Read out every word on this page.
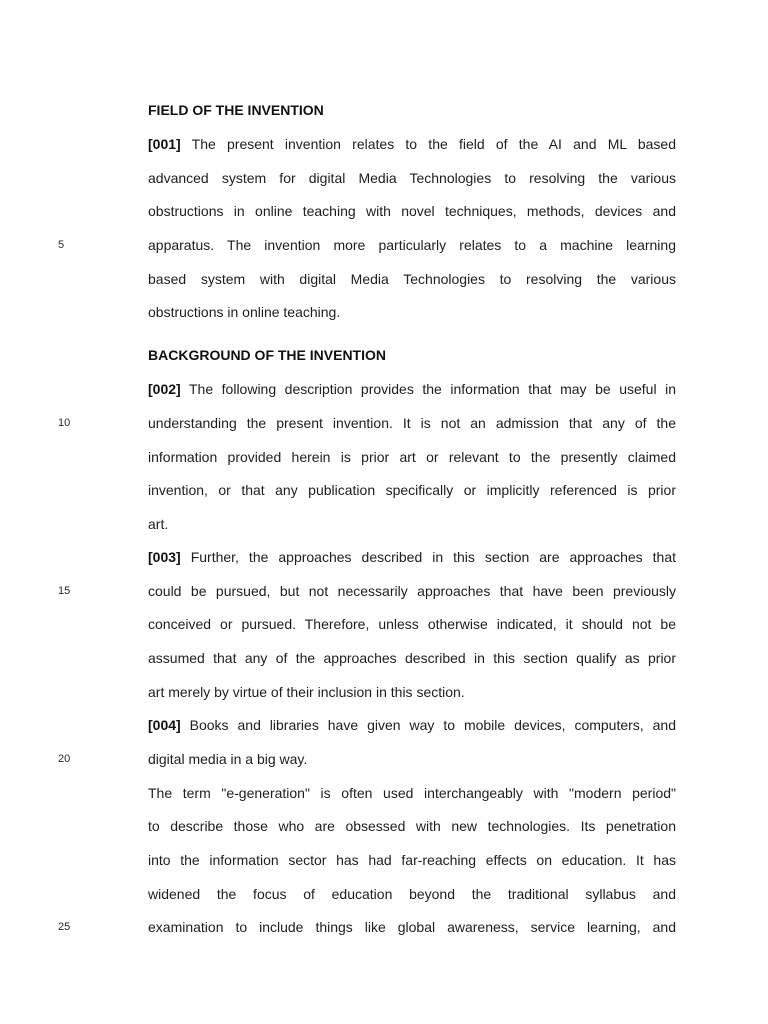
5
10
15
20
25
FIELD OF THE INVENTION
[001] The present invention relates to the field of the AI and ML based
advanced system for digital Media Technologies to resolving the various
obstructions in online teaching with novel techniques, methods, devices and
apparatus. The invention more particularly relates to a machine learning
based system with digital Media Technologies to resolving the various
obstructions in online teaching.
BACKGROUND OF THE INVENTION
[002] The following description provides the information that may be useful in
understanding the present invention. It is not an admission that any of the
information provided herein is prior art or relevant to the presently claimed
invention, or that any publication specifically or implicitly referenced is prior
art.
[003] Further, the approaches described in this section are approaches that
could be pursued, but not necessarily approaches that have been previously
conceived or pursued. Therefore, unless otherwise indicated, it should not be
assumed that any of the approaches described in this section qualify as prior
art merely by virtue of their inclusion in this section.
[004] Books and libraries have given way to mobile devices, computers, and
digital media in a big way.
The term "e-generation" is often used interchangeably with "modern period"
to describe those who are obsessed with new technologies. Its penetration
into the information sector has had far-reaching effects on education. It has
widened the focus of education beyond the traditional syllabus and
examination to include things like global awareness, service learning, and
